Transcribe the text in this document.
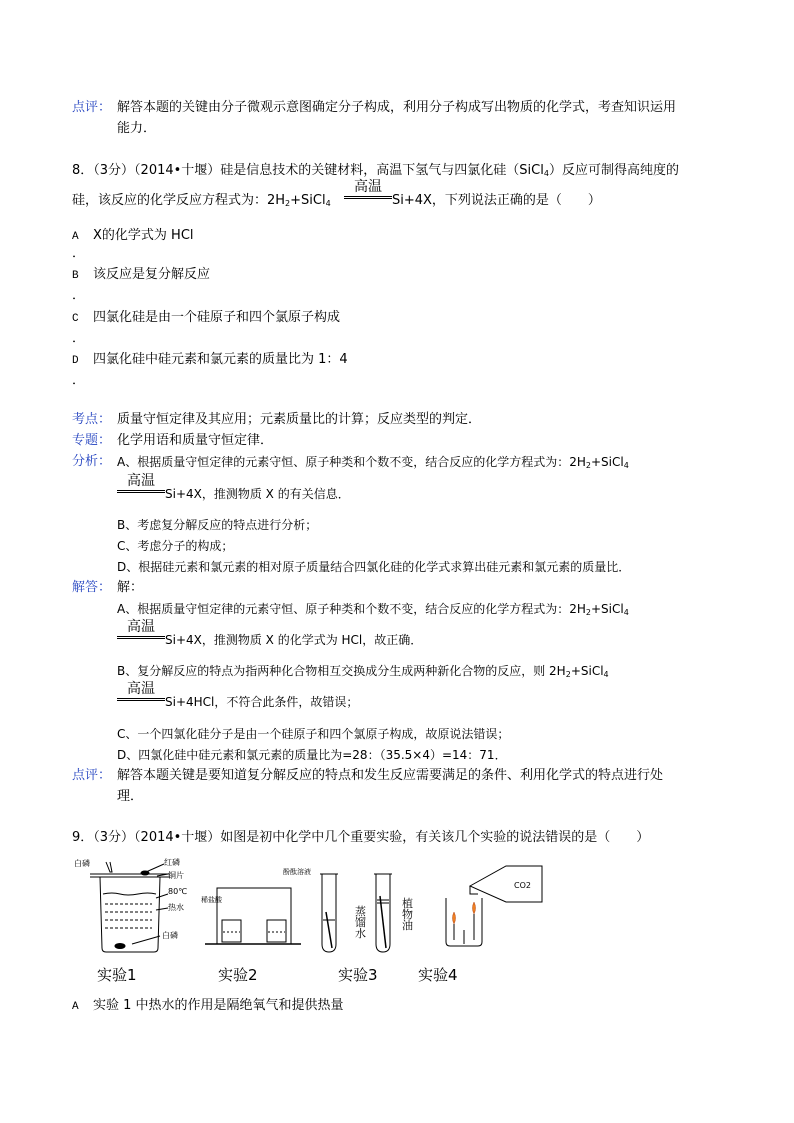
点评： 解答本题的关键由分子微观示意图确定分子构成，利用分子构成写出物质的化学式，考查知识运用
能力．
8．（3分）（2014•十堰）硅是信息技术的关键材料，高温下氢气与四氯化硅（SiCl$_4$）反应可制得高纯度的
硅，该反应的化学反应方程式为：$2H_2+SiCl_4$
高温
Si+4X，下列说法正确的是（　　）
A X的化学式为 HCl
．
B 该反应是复分解反应
．
C 四氯化硅是由一个硅原子和四个氯原子构成
．
D 四氯化硅中硅元素和氯元素的质量比为 1：4
．
考点： 质量守恒定律及其应用；元素质量比的计算；反应类型的判定．
专题： 化学用语和质量守恒定律．
分析： A、根据质量守恒定律的元素守恒、原子种类和个数不变，结合反应的化学方程式为：$2H_2+SiCl_4$
高温
Si+4X，推测物质 X 的有关信息．
B、考虑复分解反应的特点进行分析；
C、考虑分子的构成；
D、根据硅元素和氯元素的相对原子质量结合四氯化硅的化学式求算出硅元素和氯元素的质量比．
解答： 解：
A、根据质量守恒定律的元素守恒、原子种类和个数不变，结合反应的化学方程式为：$2H_2+SiCl_4$
高温
Si+4X，推测物质 X 的化学式为 HCl，故正确．
B、复分解反应的特点为指两种化合物相互交换成分生成两种新化合物的反应，则 $2H_2+SiCl_4$
高温
Si+4HCl，不符合此条件，故错误；
C、一个四氯化硅分子是由一个硅原子和四个氯原子构成，故原说法错误；
D、四氯化硅中硅元素和氯元素的质量比为=28：（35.5×4）=14：71．
点评： 解答本题关键是要知道复分解反应的特点和发生反应需要满足的条件、利用化学式的特点进行处
理．
9．（3分）（2014•十堰）如图是初中化学中几个重要实验，有关该几个实验的说法错误的是（　　）
白磷	红磷
铜片
80℃
热水
白磷
实验1
稀盐酸
酚酞溶液
实验2
蒸馏水
植物油
实验3
CO2
实验4
A 实验 1 中热水的作用是隔绝氧气和提供热量
